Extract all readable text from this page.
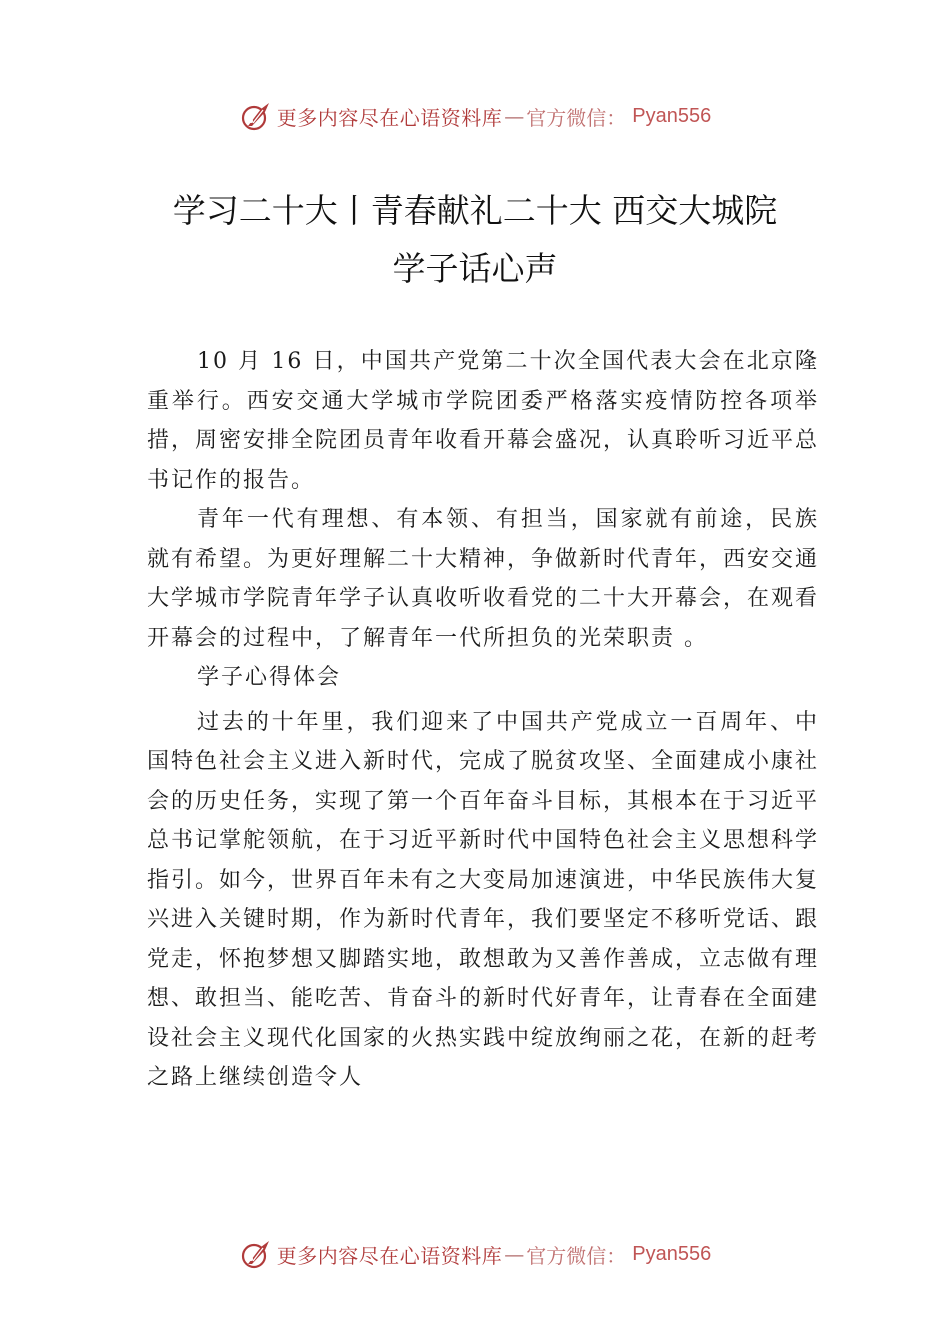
更多内容尽在心语资料库 — 官方微信： Pyan556
学习二十大丨青春献礼二十大 西交大城院
学子话心声

10 月 16 日，中国共产党第二十次全国代表大会在北京隆重举行。西安交通大学城市学院团委严格落实疫情防控各项举措，周密安排全院团员青年收看开幕会盛况，认真聆听习近平总书记作的报告。

青年一代有理想、有本领、有担当，国家就有前途，民族就有希望。为更好理解二十大精神，争做新时代青年，西安交通大学城市学院青年学子认真收听收看党的二十大开幕会，在观看开幕会的过程中，了解青年一代所担负的光荣职责 。

学子心得体会

过去的十年里，我们迎来了中国共产党成立一百周年、中国特色社会主义进入新时代，完成了脱贫攻坚、全面建成小康社会的历史任务，实现了第一个百年奋斗目标，其根本在于习近平总书记掌舵领航，在于习近平新时代中国特色社会主义思想科学指引。如今，世界百年未有之大变局加速演进，中华民族伟大复兴进入关键时期，作为新时代青年，我们要坚定不移听党话、跟党走，怀抱梦想又脚踏实地，敢想敢为又善作善成，立志做有理想、敢担当、能吃苦、肯奋斗的新时代好青年，让青春在全面建设社会主义现代化国家的火热实践中绽放绚丽之花，在新的赶考之路上继续创造令人

更多内容尽在心语资料库 — 官方微信： Pyan556
